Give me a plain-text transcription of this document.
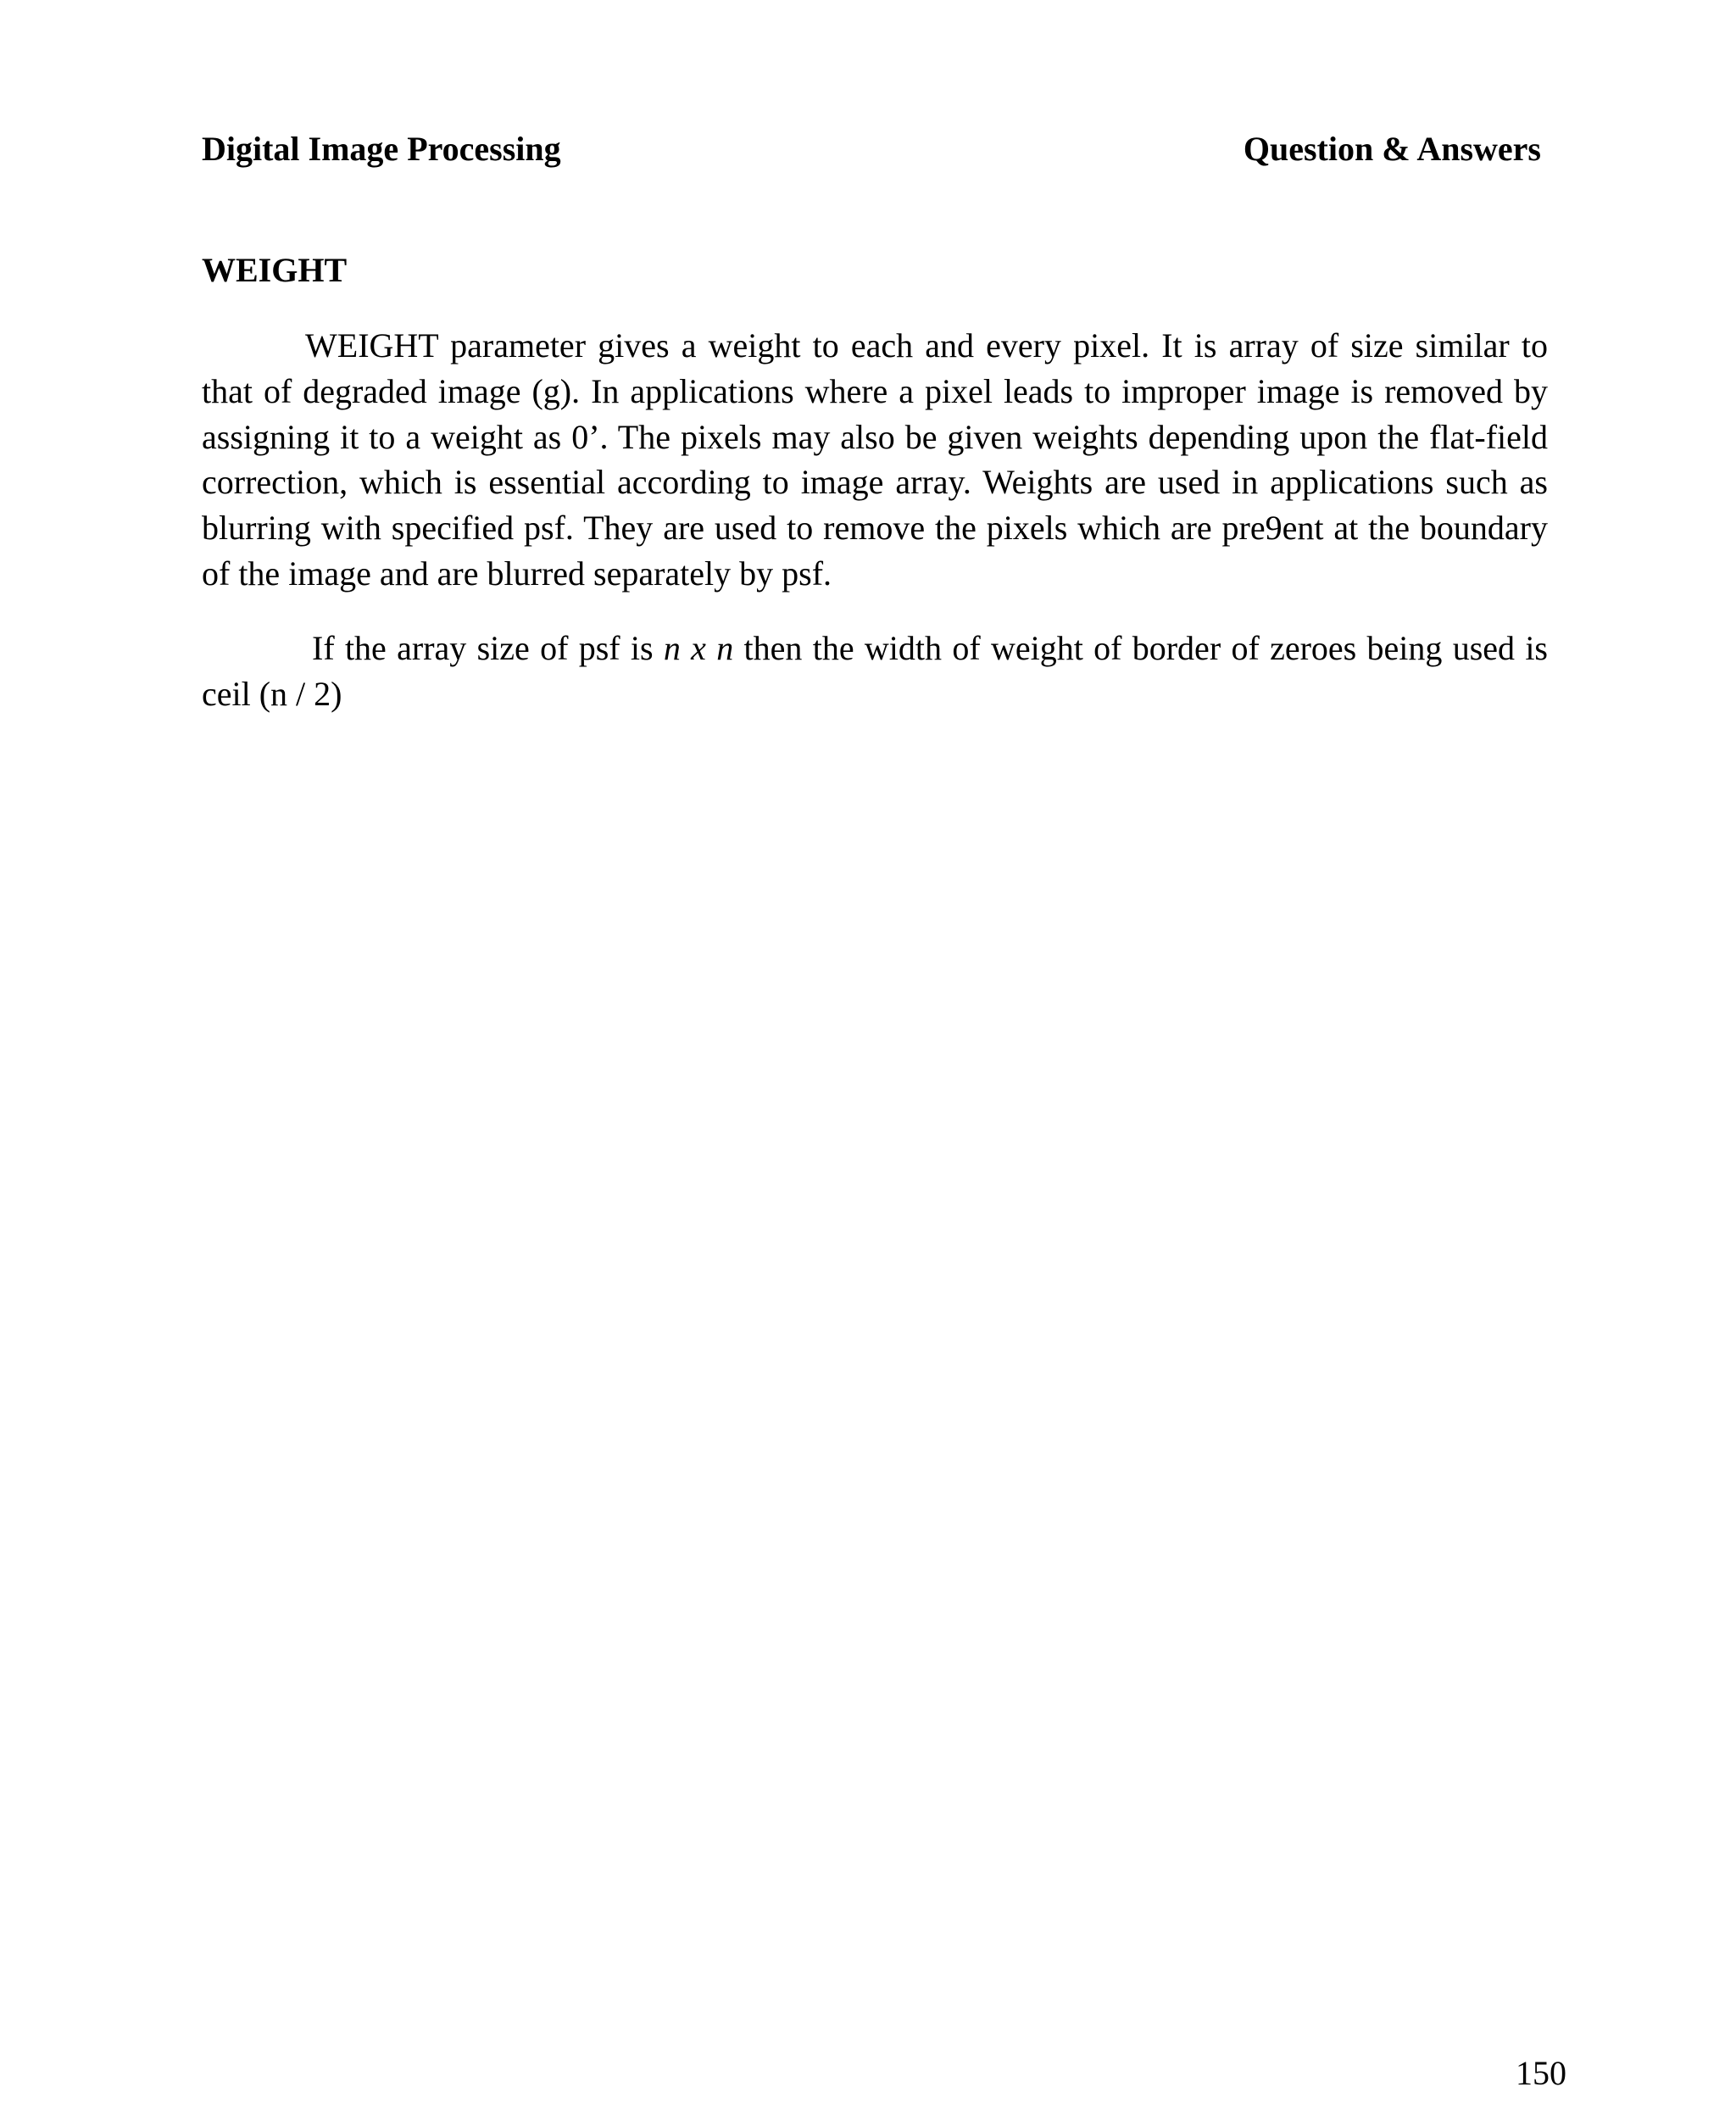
Digital Image Processing	Question & Answers
WEIGHT

WEIGHT parameter gives a weight to each and every pixel. It is array of size similar to that of degraded image (g). In applications where a pixel leads to improper image is removed by assigning it to a weight as 0’. The pixels may also be given weights depending upon the flat-field correction, which is essential according to image array. Weights are used in applications such as blurring with specified psf. They are used to remove the pixels which are pre9ent at the boundary of the image and are blurred separately by psf.

If the array size of psf is n x n then the width of weight of border of zeroes being used is ceil (n / 2)

150
